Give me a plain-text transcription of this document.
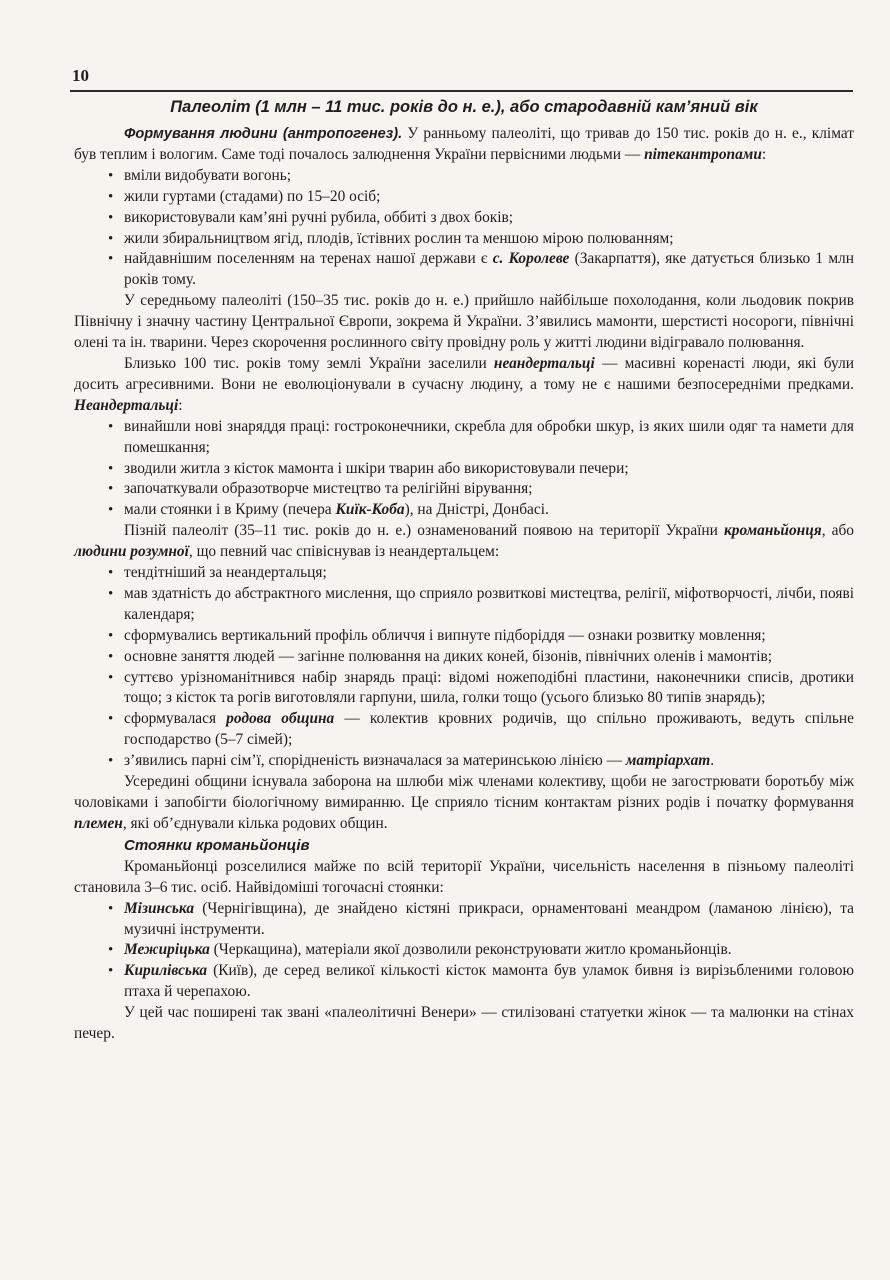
10
Палеоліт (1 млн – 11 тис. років до н. е.), або стародавній кам’яний вік

Формування людини (антропогенез). У ранньому палеоліті, що тривав до 150 тис. років до н. е., клімат був теплим і вологим. Саме тоді почалось залюднення України первісними людьми — пітекантропами:

• вміли видобувати вогонь;
• жили гуртами (стадами) по 15–20 осіб;
• використовували кам’яні ручні рубила, оббиті з двох боків;
• жили збиральництвом ягід, плодів, їстівних рослин та меншою мірою полюванням;
• найдавнішим поселенням на теренах нашої держави є с. Королеве (Закарпаття), яке датується близько 1 млн років тому.

У середньому палеоліті (150–35 тис. років до н. е.) прийшло найбільше похолодання, коли льодовик покрив Північну і значну частину Центральної Європи, зокрема й України. З’явились мамонти, шерстисті носороги, північні олені та ін. тварини. Через скорочення рослинного світу провідну роль у житті людини відігравало полювання.

Близько 100 тис. років тому землі України заселили неандертальці — масивні коренасті люди, які були досить агресивними. Вони не еволюціонували в сучасну людину, а тому не є нашими безпосередніми предками. Неандертальці:

• винайшли нові знаряддя праці: гостроконечники, скребла для обробки шкур, із яких шили одяг та намети для помешкання;
• зводили житла з кісток мамонта і шкіри тварин або використовували печери;
• започаткували образотворче мистецтво та релігійні вірування;
• мали стоянки і в Криму (печера Киїк-Коба), на Дністрі, Донбасі.

Пізній палеоліт (35–11 тис. років до н. е.) ознаменований появою на території України кроманьйонця, або людини розумної, що певний час співіснував із неандертальцем:

• тендітніший за неандертальця;
• мав здатність до абстрактного мислення, що сприяло розвиткові мистецтва, релігії, міфотворчості, лічби, появі календаря;
• сформувались вертикальний профіль обличчя і випнуте підборіддя — ознаки розвитку мовлення;
• основне заняття людей — загінне полювання на диких коней, бізонів, північних оленів і мамонтів;
• суттєво урізноманітнився набір знарядь праці: відомі ножеподібні пластини, наконечники списів, дротики тощо; з кісток та рогів виготовляли гарпуни, шила, голки тощо (усього близько 80 типів знарядь);
• сформувалася родова община — колектив кровних родичів, що спільно проживають, ведуть спільне господарство (5–7 сімей);
• з’явились парні сім’ї, спорідненість визначалася за материнською лінією — матріархат.

Усередині общини існувала заборона на шлюби між членами колективу, щоби не загострювати боротьбу між чоловіками і запобігти біологічному вимиранню. Це сприяло тісним контактам різних родів і початку формування племен, які об’єднували кілька родових общин.

Стоянки кроманьйонців

Кроманьйонці розселилися майже по всій території України, чисельність населення в пізньому палеоліті становила 3–6 тис. осіб. Найвідоміші тогочасні стоянки:

• Мізинська (Чернігівщина), де знайдено кістяні прикраси, орнаментовані меандром (ламаною лінією), та музичні інструменти.
• Межиріцька (Черкащина), матеріали якої дозволили реконструювати житло кроманьйонців.
• Кирилівська (Київ), де серед великої кількості кісток мамонта був уламок бивня із вирізьбленими головою птаха й черепахою.

У цей час поширені так звані «палеолітичні Венери» — стилізовані статуетки жінок — та малюнки на стінах печер.
